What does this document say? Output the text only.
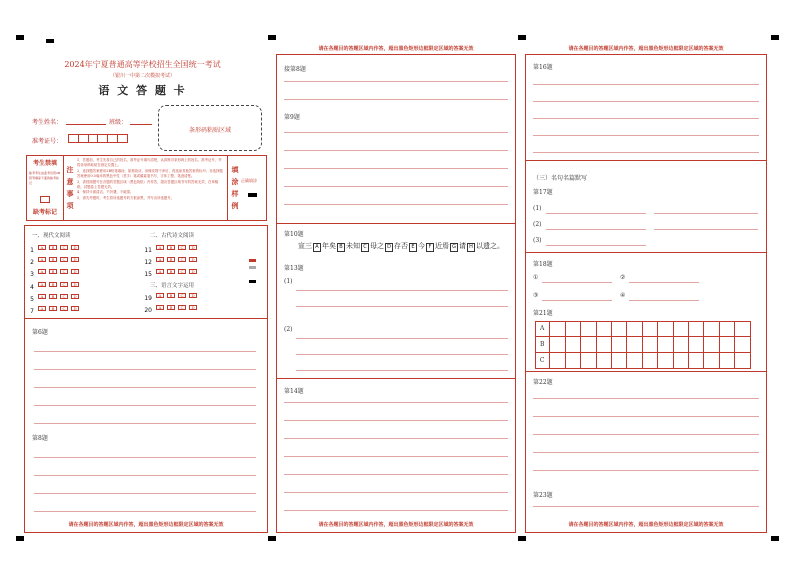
2024年宁夏普通高等学校招生全国统一考试
（银川一中第二次模拟考试）
语 文 答 题 卡
考生姓名：	班级：
准考证号：
条形码粘贴区域
考生禁填
缺考考生由监考员用2B铅笔填涂下面的缺考标记
缺考标记
注
意
事
项
1．答题前，考生先将自己的姓名、准考证号填写清楚，认真核对条形码上的姓名、准考证号，并将条形码粘贴在指定位置上。
2．选择题答案使用2B铅笔填涂，如需改动，用橡皮擦干净后，再选涂其他答案的标号；非选择题答案使用0.5毫米的黑色中性（签字）笔或碳素笔书写，字体工整、笔迹清楚。
3．请按照题号在各题的答题区域（黑色线框）内作答，超出答题区域书写的答案无效，在草稿纸、试题卷上答题无效。
4．保持卡面清洁，不折叠，不破损。
5．请先考题时，考生将所选题号的方框涂黑，并写出所选题号。
填
涂
样
例
正确填涂
一、现代文阅读	二、古代诗文阅读
三、语言文字运用
1 A B C D
2 A B C D
3 A B C D
4 A B C D
5 A B C D
7 A B C D
11 A B C D
12 A B C D
15 A B C D
19 A B C D
20 A B C D
第6题
第8题
请在各题目的答题区域内作答，超出黑色矩形边框限定区域的答案无效
请在各题目的答题区域内作答，超出黑色矩形边框限定区域的答案无效
接第8题
第9题
第10题
宣三 A 年矣 B 未知 C 母之 D 存否 E 今 F 近焉 G 请 H 以遗之。
第13题
(1)
(2)
第14题
请在各题目的答题区域内作答，超出黑色矩形边框限定区域的答案无效
请在各题目的答题区域内作答，超出黑色矩形边框限定区域的答案无效
第16题
（三）名句名篇默写
第17题
(1)
(2)
(3)
第18题
①	②
③	④
第21题
A
B
C
第22题
第23题
请在各题目的答题区域内作答，超出黑色矩形边框限定区域的答案无效
